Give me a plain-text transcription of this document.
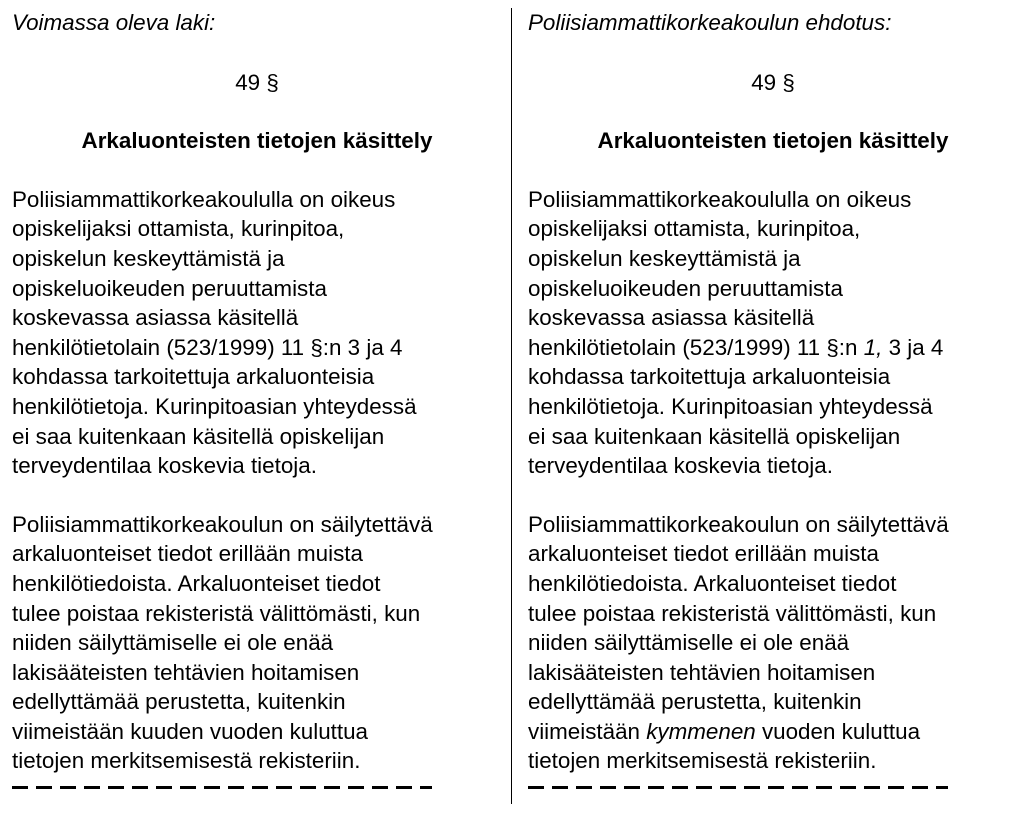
Voimassa oleva laki:

49 §

Arkaluonteisten tietojen käsittely

Poliisiammattikorkeakoululla on oikeus
opiskelijaksi ottamista, kurinpitoa,
opiskelun keskeyttämistä ja
opiskeluoikeuden peruuttamista
koskevassa asiassa käsitellä
henkilötietolain (523/1999) 11 §:n 3 ja 4
kohdassa tarkoitettuja arkaluonteisia
henkilötietoja. Kurinpitoasian yhteydessä
ei saa kuitenkaan käsitellä opiskelijan
terveydentilaa koskevia tietoja.
Poliisiammattikorkeakoulun on säilytettävä
arkaluonteiset tiedot erillään muista
henkilötiedoista. Arkaluonteiset tiedot
tulee poistaa rekisteristä välittömästi, kun
niiden säilyttämiselle ei ole enää
lakisääteisten tehtävien hoitamisen
edellyttämää perustetta, kuitenkin
viimeistään kuuden vuoden kuluttua
tietojen merkitsemisestä rekisteriin.

Poliisiammattikorkeakoulun ehdotus:

49 §

Arkaluonteisten tietojen käsittely

Poliisiammattikorkeakoululla on oikeus
opiskelijaksi ottamista, kurinpitoa,
opiskelun keskeyttämistä ja
opiskeluoikeuden peruuttamista
koskevassa asiassa käsitellä
henkilötietolain (523/1999) 11 §:n 1, 3 ja 4
kohdassa tarkoitettuja arkaluonteisia
henkilötietoja. Kurinpitoasian yhteydessä
ei saa kuitenkaan käsitellä opiskelijan
terveydentilaa koskevia tietoja.
Poliisiammattikorkeakoulun on säilytettävä
arkaluonteiset tiedot erillään muista
henkilötiedoista. Arkaluonteiset tiedot
tulee poistaa rekisteristä välittömästi, kun
niiden säilyttämiselle ei ole enää
lakisääteisten tehtävien hoitamisen
edellyttämää perustetta, kuitenkin
viimeistään kymmenen vuoden kuluttua
tietojen merkitsemisestä rekisteriin.
